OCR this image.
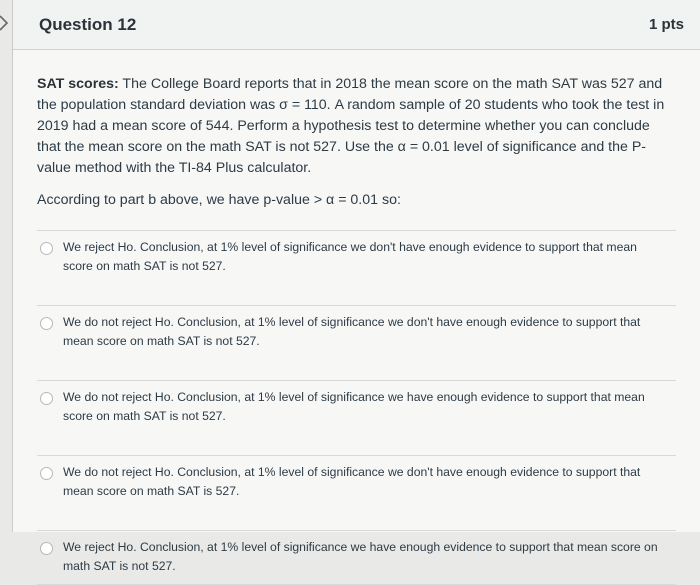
Question 12	1 pts

SAT scores: The College Board reports that in 2018 the mean score on the math SAT was 527 and the population standard deviation was σ = 110. A random sample of 20 students who took the test in 2019 had a mean score of 544. Perform a hypothesis test to determine whether you can conclude that the mean score on the math SAT is not 527. Use the α = 0.01 level of significance and the P-value method with the TI-84 Plus calculator.

According to part b above, we have p-value > α = 0.01 so:

We reject Ho. Conclusion, at 1% level of significance we don't have enough evidence to support that mean score on math SAT is not 527.
We do not reject Ho. Conclusion, at 1% level of significance we don't have enough evidence to support that mean score on math SAT is not 527.
We do not reject Ho. Conclusion, at 1% level of significance we have enough evidence to support that mean score on math SAT is not 527.
We do not reject Ho. Conclusion, at 1% level of significance we don't have enough evidence to support that mean score on math SAT is 527.
We reject Ho. Conclusion, at 1% level of significance we have enough evidence to support that mean score on math SAT is not 527.
